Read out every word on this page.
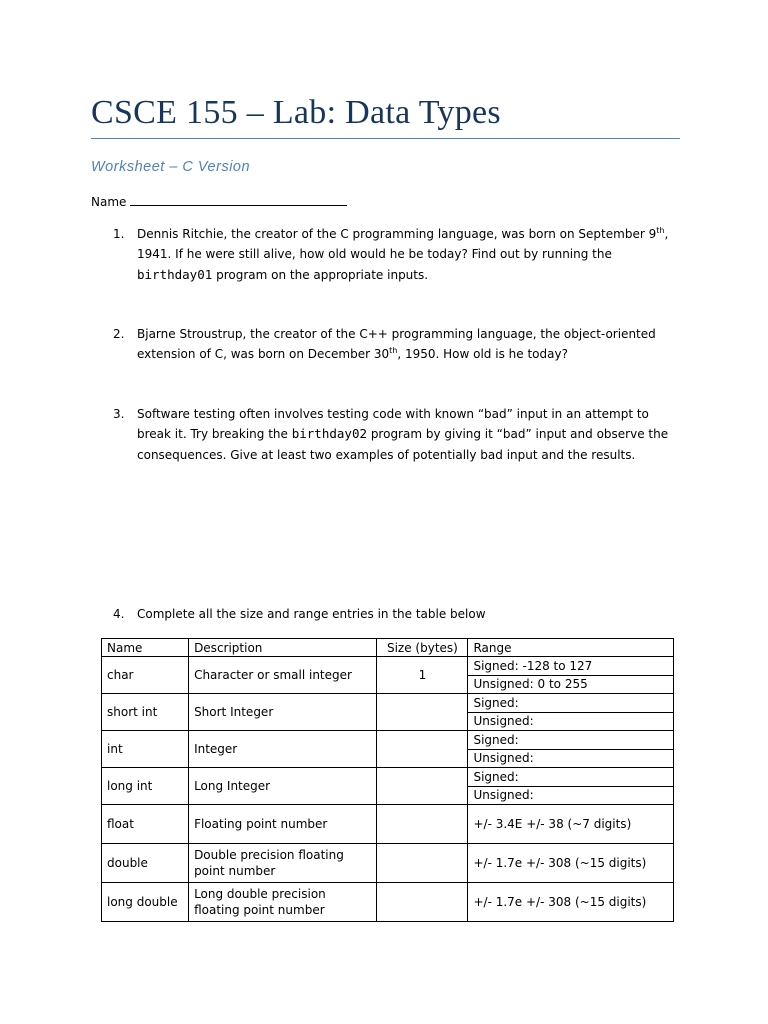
CSCE 155 – Lab: Data Types
Worksheet – C Version
Name
1. Dennis Ritchie, the creator of the C programming language, was born on September 9th, 1941. If he were still alive, how old would he be today? Find out by running the birthday01 program on the appropriate inputs.
2. Bjarne Stroustrup, the creator of the C++ programming language, the object-oriented extension of C, was born on December 30th, 1950. How old is he today?
3. Software testing often involves testing code with known “bad” input in an attempt to break it. Try breaking the birthday02 program by giving it “bad” input and observe the consequences. Give at least two examples of potentially bad input and the results.
4. Complete all the size and range entries in the table below
Name	Description	Size (bytes)	Range
char	Character or small integer	1	Signed: -128 to 127
			Unsigned: 0 to 255
short int	Short Integer		Signed:
			Unsigned:
int	Integer		Signed:
			Unsigned:
long int	Long Integer		Signed:
			Unsigned:
float	Floating point number		+/- 3.4E +/- 38 (~7 digits)
double	Double precision floating point number		+/- 1.7e +/- 308 (~15 digits)
long double	Long double precision floating point number		+/- 1.7e +/- 308 (~15 digits)
